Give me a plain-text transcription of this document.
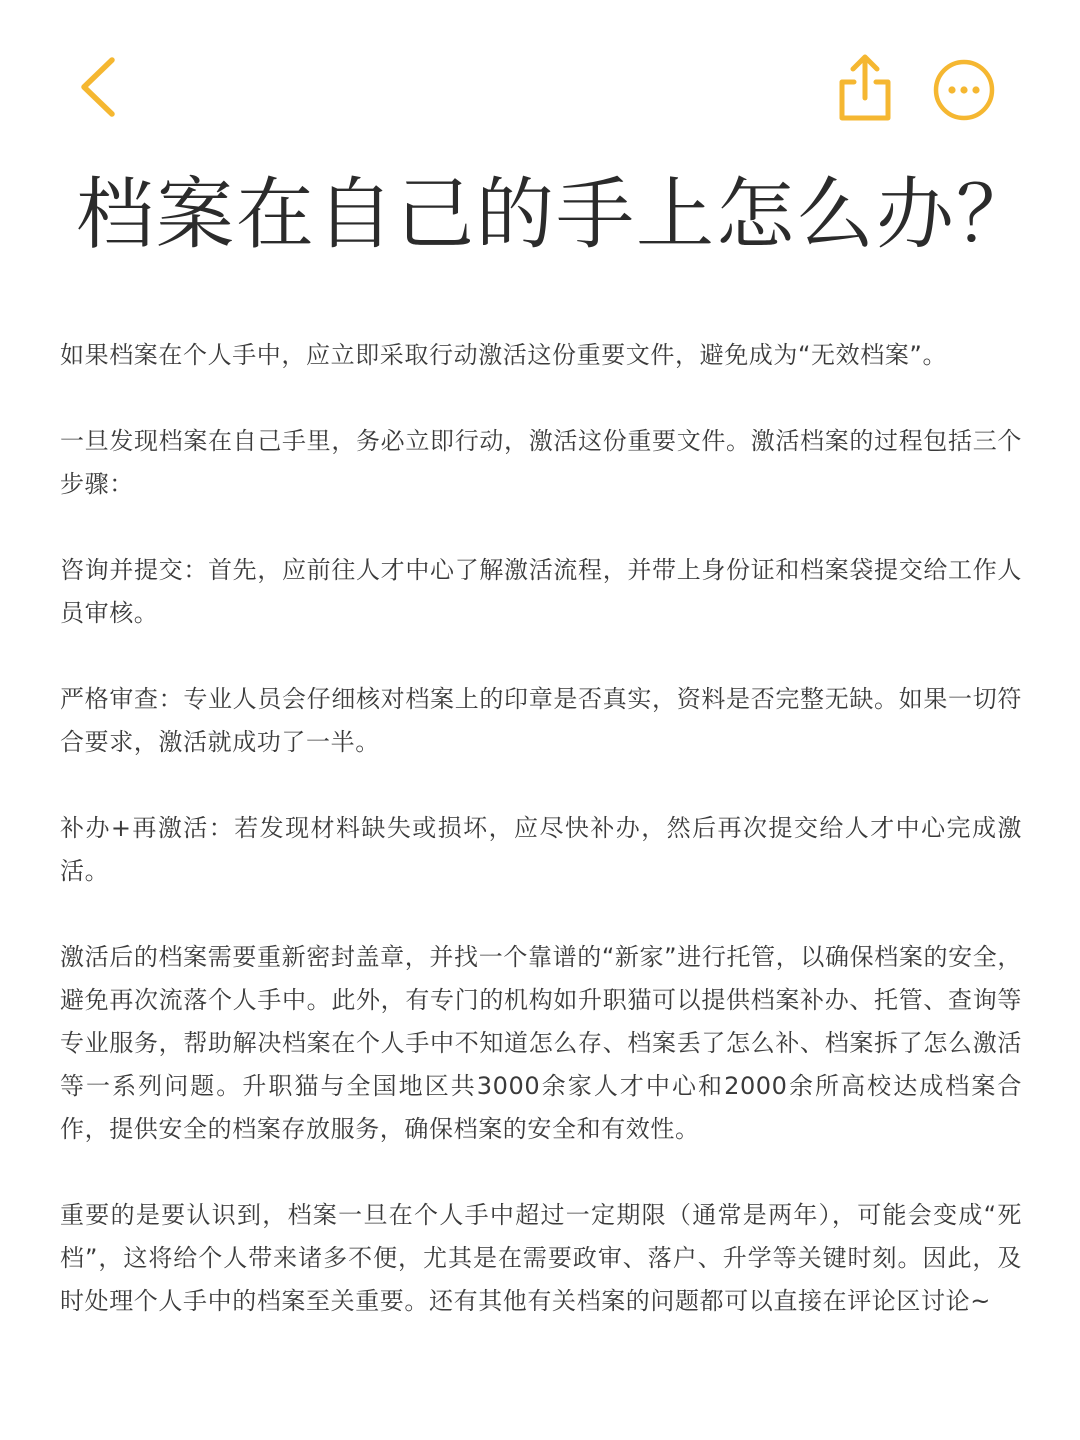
档案在自己的手上怎么办？

如果档案在个人手中，应立即采取行动激活这份重要文件，避免成为“无效档案”。

一旦发现档案在自己手里，务必立即行动，激活这份重要文件。激活档案的过程包括三个步骤：

咨询并提交：首先，应前往人才中心了解激活流程，并带上身份证和档案袋提交给工作人员审核。

严格审查：专业人员会仔细核对档案上的印章是否真实，资料是否完整无缺。如果一切符合要求，激活就成功了一半。

补办+再激活：若发现材料缺失或损坏，应尽快补办，然后再次提交给人才中心完成激活。

激活后的档案需要重新密封盖章，并找一个靠谱的“新家”进行托管，以确保档案的安全，避免再次流落个人手中。此外，有专门的机构如升职猫可以提供档案补办、托管、查询等专业服务，帮助解决档案在个人手中不知道怎么存、档案丢了怎么补、档案拆了怎么激活等一系列问题。升职猫与全国地区共3000余家人才中心和2000余所高校达成档案合作，提供安全的档案存放服务，确保档案的安全和有效性。

重要的是要认识到，档案一旦在个人手中超过一定期限（通常是两年），可能会变成“死档”，这将给个人带来诸多不便，尤其是在需要政审、落户、升学等关键时刻。因此，及时处理个人手中的档案至关重要。还有其他有关档案的问题都可以直接在评论区讨论~
